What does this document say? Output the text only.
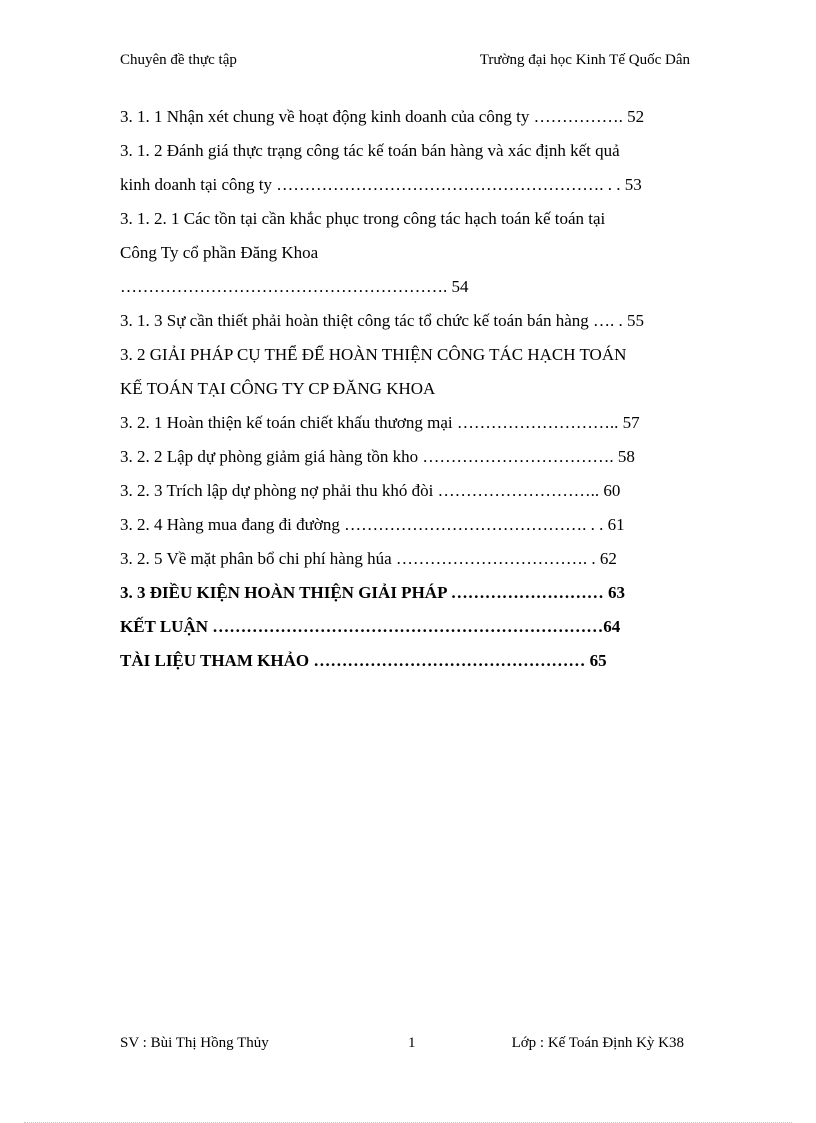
Chuyên đề thực tập	Trường đại học Kinh Tế Quốc Dân
3. 1. 1 Nhận xét chung về hoạt động kinh doanh của công ty ……………. 52
3. 1. 2 Đánh giá thực trạng công tác kế toán bán hàng và xác định kết quả
kinh doanh tại công ty …………………………………………………. . . 53
3. 1. 2. 1 Các tồn tại cần khắc phục trong công tác hạch toán kế toán tại
Công Ty cổ phần Đăng Khoa
…………………………………………………. 54
3. 1. 3 Sự cần thiết phải hoàn thiệt công tác tổ chức kế toán bán hàng …. . 55
3. 2 GIẢI PHÁP CỤ THỂ ĐỂ HOÀN THIỆN CÔNG TÁC HẠCH TOÁN
KẾ TOÁN TẠI CÔNG TY CP ĐĂNG KHOA
3. 2. 1 Hoàn thiện kế toán chiết khấu thương mại ……………………….. 57
3. 2. 2 Lập dự phòng giảm giá hàng tồn kho ……………………………. 58
3. 2. 3 Trích lập dự phòng nợ phải thu khó đòi ……………………….. 60
3. 2. 4 Hàng mua đang đi đường ……………………………………. . . 61
3. 2. 5 Về mặt phân bổ chi phí hàng húa ……………………………. . 62
3. 3 ĐIỀU KIỆN HOÀN THIỆN GIẢI PHÁP ……………………… 63
KẾT LUẬN ……………………………………………………………64
TÀI LIỆU THAM KHẢO ………………………………………… 65
SV : Bùi Thị Hồng Thủy	1	Lớp : Kế Toán Định Kỳ K38
